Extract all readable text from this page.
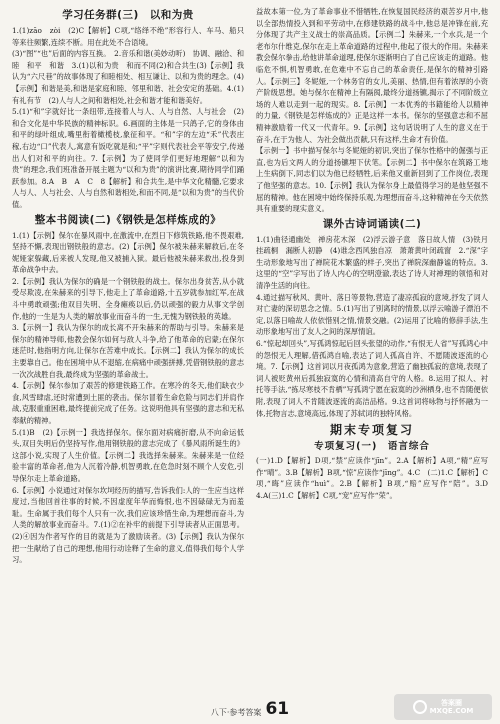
学习任务群(三)　以和为贵

1.(1)zāo　zòi　(2)C【解析】C项,“络绎不绝”形容行人、车马、船只等来往频繁,连续不断。用在此处不合语境。

(3)“图”“也”后面的内容互换。　2.音乐和谐(美妙动听)　协调、融洽、和睦　和平　和谐　3.(1)以和为贵　和而不同(2)和合共生(3)【示例】我认为“六尺巷”的故事体现了和睦相处、相互谦让、以和为贵的理念。(4)【示例】和谐是美,和谐是家庭和睦、邻里和谐、社会安定的基础。4.(1)有礼有节　(2)人与人之间和谐相处,社会和谐才能和谐美好。

5.(1)“和”字就好比一条纽带,连接着人与人、人与自然、人与社会　(2)和合文化是中华民族的精神标识。6.画面的主体是一只鸽子,它的身体由和平的绿叶组成,嘴里衔着橄榄枝,象征和平。“和”字的左边“禾”代表庄稼,右边“口”代表人,寓意有饭吃就是和;“平”字则代表社会平等安宁,传递出人们对和平的向往。7.【示例】为了使同学们更好地理解“以和为贵”的理念,我们班准备开展主题为“以和为贵”的演讲比赛,期待同学们踊跃参加。8.A　B　A　C　8【解析】和合共生,是中华文化精髓,它要求人与人、人与社会、人与自然和谐相处,和而不同,是“以和为贵”的当代价值。

整本书阅读(二)《钢铁是怎样炼成的》

1.(1)【示例】保尔在暴风雨中,在激流中,在烈日下修筑铁路,他不畏艰难,坚持不懈,表现出钢铁般的意志。(2)【示例】保尔被朱赫来解救后,在冬妮娅家躲藏,后来被人发现,他又被捕入狱。最后他被朱赫来救出,投身到革命战争中去。

2.【示例】我认为保尔的确是一个钢铁般的战士。保尔出身贫苦,从小就受尽欺凌,在朱赫来的引导下,他走上了革命道路,十五岁就参加红军,在战斗中勇敢顽强;他双目失明、全身瘫痪以后,仍以顽强的毅力从事文学创作,他的一生是为人类的解放事业而奋斗的一生,无愧为钢铁般的英雄。

3.【示例一】我认为保尔的成长离不开朱赫来的帮助与引导。朱赫来是保尔的精神导师,他教会保尔如何与敌人斗争,给了他革命的启蒙;在保尔迷茫时,他指明方向,让保尔在苦难中成长。【示例二】我认为保尔的成长主要靠自己。他在困境中从不退缩,在病痛中顽强拼搏,凭借钢铁般的意志一次次战胜自我,最终成为坚强的革命战士。

4.【示例】保尔参加了艰苦的修建铁路工作。在寒冷的冬天,他们缺衣少食,风雪肆虐,还时常遭到土匪的袭击。保尔冒着生命危险与同志们并肩作战,克服重重困难,最终提前完成了任务。这说明他具有坚强的意志和无私奉献的精神。

5.(1)B　(2)【示例一】我选择保尔。保尔面对病痛折磨,从不向命运低头,双目失明后仍坚持写作,他用钢铁般的意志完成了《暴风雨所诞生的》这部小说,实现了人生价值。【示例二】我选择朱赫来。朱赫来是一位经验丰富的革命者,他为人沉着冷静,机智勇敢,在危急时刻不顾个人安危,引导保尔走上革命道路。

6.【示例】小说通过对保尔坎坷经历的描写,告诉我们:人的一生应当这样度过,当他回首往事的时候,不因虚度年华而悔恨,也不因碌碌无为而羞耻。生命属于我们每个人只有一次,我们应该珍惜生命,为理想而奋斗,为人类的解放事业而奋斗。7.(1)②在补牢的前提下引导读者从正面思考。(2)④因为作者写作的目的就是为了激励读者。(3)【示例】我认为保尔把一生献给了自己的理想,他用行动诠释了生命的意义,值得我们每个人学习。

益故本第一位,为了革命事业不惜牺牲,在恢复国民经济的艰苦岁月中,他以全部热情投入到和平劳动中,在修建铁路的战斗中,他总是冲锋在前,充分体现了共产主义战士的崇高品质。【示例二】朱赫来,一个水兵,是一个老布尔什维克,保尔在走上革命道路的过程中,他起了很大的作用。朱赫来教会保尔拳击,给他讲革命道理,使保尔逐渐明白了自己应该走的道路。他临危不惧,机智勇敢,在危难中不忘自己的革命责任,是保尔的精神引路人。【示例三】冬妮娅,一个林务官的女儿,美丽、热情,但有着浓厚的小资产阶级思想。她与保尔在精神上有隔阂,最终分道扬镳,揭示了不同阶级立场的人难以走到一起的现实。8.【示例】一本优秀的书籍能给人以精神的力量,《钢铁是怎样炼成的》正是这样一本书。保尔的坚强意志和不屈精神激励着一代又一代青年。9.【示例】这句话说明了人生的意义在于奋斗,在于为他人、为社会做出贡献,只有这样,生命才有价值。

【示例一】书中描写保尔与冬妮娅的初识,突出了保尔性格中的倔强与正直,也为后文两人的分道扬镳埋下伏笔。【示例二】书中保尔在筑路工地上生病倒下,同志们以为他已经牺牲,后来他又重新回到了工作岗位,表现了他坚强的意志。10.【示例】我认为保尔身上最值得学习的是他坚强不屈的精神。他在困境中始终保持乐观,为理想而奋斗,这种精神在今天依然具有重要的现实意义。

课外古诗词诵读(二)

1.(1)曲径通幽处　禅房花木深　(2)浮云游子意　落日故人情　(3)铁月挂疏桐　漏断人初静　(4)谁念西风独自凉　萧萧黄叶闭疏窗　2.“深”字生动形象地写出了禅院花木繁盛的样子,突出了禅院深幽静谧的特点。3.这里的“空”字写出了诗人内心的空明澄澈,表达了诗人对禅理的领悟和对清净生活的向往。

4.通过描写秋风、黄叶、落日等景物,营造了凄凉孤寂的意境,抒发了词人对亡妻的深切思念之情。5.(1)写出了别离时的情景,以浮云喻游子漂泊不定,以落日喻故人依依惜别之情,情景交融。(2)运用了比喻的修辞手法,生动形象地写出了友人之间的深厚情谊。

6.“惊起却回头”,写孤鸿惊起后回头张望的动作,“有恨无人省”写孤鸿心中的怨恨无人理解,借孤鸿自喻,表达了词人孤高自许、不愿随波逐流的心境。7.【示例】这首词以月夜孤鸿为意象,营造了幽独孤寂的意境,表现了词人被贬黄州后孤独寂寞的心情和清高自守的人格。8.运用了拟人、衬托等手法,“拣尽寒枝不肯栖”写孤鸿宁愿在寂寞的沙洲栖身,也不肯随便依附,表现了词人不肯随波逐流的高洁品格。9.这首词将咏物与抒怀融为一体,托物言志,意境高远,体现了苏轼词的独特风格。

期末专项复习
专项复习(一)　语言综合

(一)1.D【解析】D项,“禁”应读作“jīn”。2.A【解析】A项,“精”应写作“晴”。3.B【解析】B项,“惊”应读作“jīng”。4.C　(二)1.C【解析】C项,“晦”应读作“huì”。2.B【解析】B项,“赔”应写作“陪”。3.D　4.A(三)1.C【解析】C项,“宠”应写作“荣”。

八下·参考答案 61	答案圈
MXQE.COM
